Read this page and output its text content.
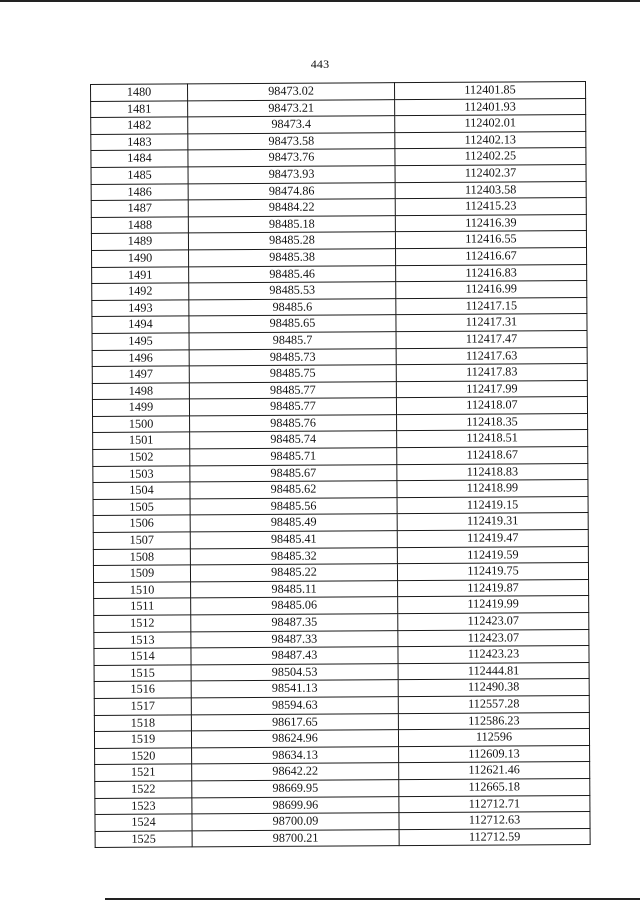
443
1480	98473.02	112401.85
1481	98473.21	112401.93
1482	98473.4	112402.01
1483	98473.58	112402.13
1484	98473.76	112402.25
1485	98473.93	112402.37
1486	98474.86	112403.58
1487	98484.22	112415.23
1488	98485.18	112416.39
1489	98485.28	112416.55
1490	98485.38	112416.67
1491	98485.46	112416.83
1492	98485.53	112416.99
1493	98485.6	112417.15
1494	98485.65	112417.31
1495	98485.7	112417.47
1496	98485.73	112417.63
1497	98485.75	112417.83
1498	98485.77	112417.99
1499	98485.77	112418.07
1500	98485.76	112418.35
1501	98485.74	112418.51
1502	98485.71	112418.67
1503	98485.67	112418.83
1504	98485.62	112418.99
1505	98485.56	112419.15
1506	98485.49	112419.31
1507	98485.41	112419.47
1508	98485.32	112419.59
1509	98485.22	112419.75
1510	98485.11	112419.87
1511	98485.06	112419.99
1512	98487.35	112423.07
1513	98487.33	112423.07
1514	98487.43	112423.23
1515	98504.53	112444.81
1516	98541.13	112490.38
1517	98594.63	112557.28
1518	98617.65	112586.23
1519	98624.96	112596
1520	98634.13	112609.13
1521	98642.22	112621.46
1522	98669.95	112665.18
1523	98699.96	112712.71
1524	98700.09	112712.63
1525	98700.21	112712.59
